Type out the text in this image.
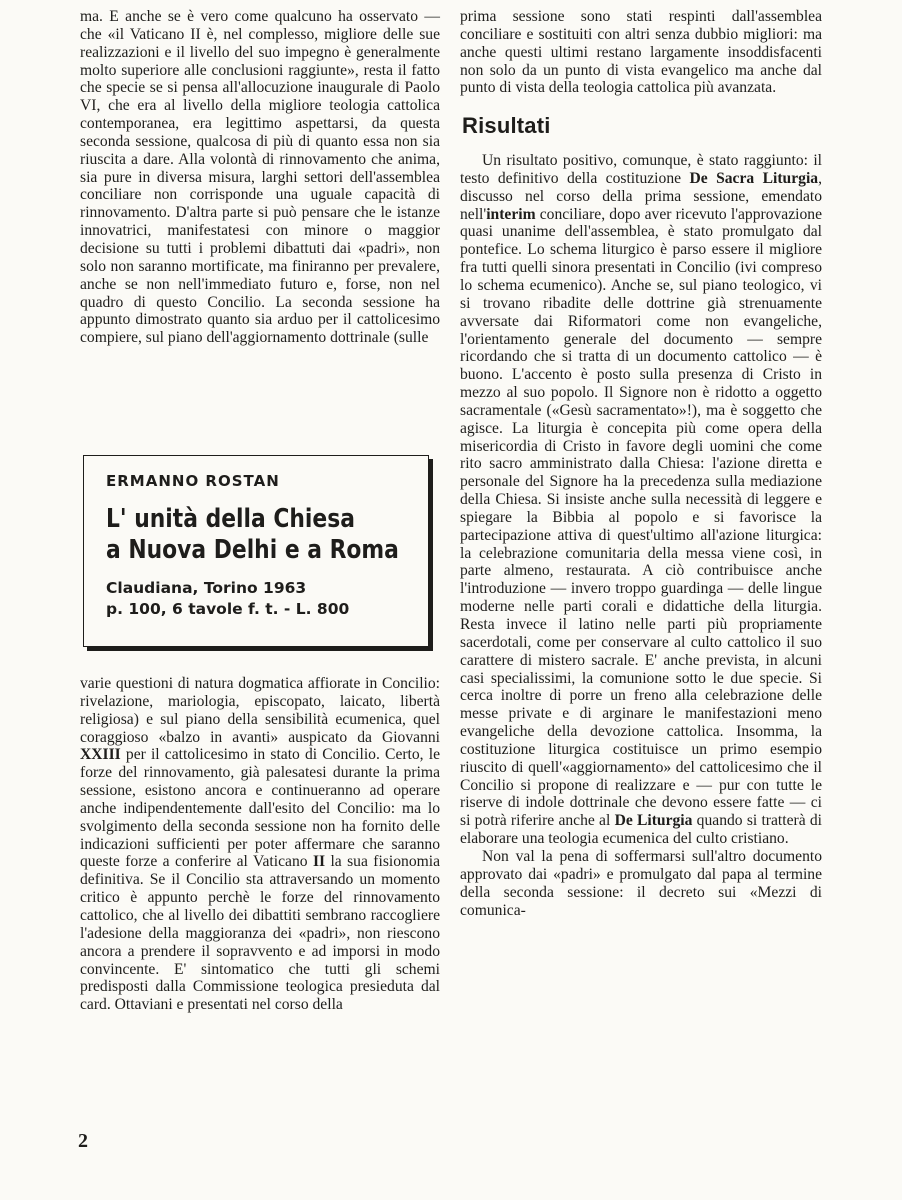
ma. E anche se è vero come qualcuno ha osservato — che «il Vaticano II è, nel complesso, migliore delle sue realizzazioni e il livello del suo impegno è generalmente molto superiore alle conclusioni raggiunte», resta il fatto che specie se si pensa all'allocuzione inaugurale di Paolo VI, che era al livello della migliore teologia cattolica contemporanea, era legittimo aspettarsi, da questa seconda sessione, qualcosa di più di quanto essa non sia riuscita a dare. Alla volontà di rinnovamento che anima, sia pure in diversa misura, larghi settori dell'assemblea conciliare non corrisponde una uguale capacità di rinnovamento. D'altra parte si può pensare che le istanze innovatrici, manifestatesi con minore o maggior decisione su tutti i problemi dibattuti dai «padri», non solo non saranno mortificate, ma finiranno per prevalere, anche se non nell'immediato futuro e, forse, non nel quadro di questo Concilio. La seconda sessione ha appunto dimostrato quanto sia arduo per il cattolicesimo compiere, sul piano dell'aggiornamento dottrinale (sulle

ERMANNO ROSTAN

L' unità della Chiesa

a Nuova Delhi e a Roma

Claudiana, Torino 1963

p. 100, 6 tavole f. t. - L. 800

varie questioni di natura dogmatica affiorate in Concilio: rivelazione, mariologia, episcopato, laicato, libertà religiosa) e sul piano della sensibilità ecumenica, quel coraggioso «balzo in avanti» auspicato da Giovanni XXIII per il cattolicesimo in stato di Concilio. Certo, le forze del rinnovamento, già palesatesi durante la prima sessione, esistono ancora e continueranno ad operare anche indipendentemente dall'esito del Concilio: ma lo svolgimento della seconda sessione non ha fornito delle indicazioni sufficienti per poter affermare che saranno queste forze a conferire al Vaticano II la sua fisionomia definitiva. Se il Concilio sta attraversando un momento critico è appunto perchè le forze del rinnovamento cattolico, che al livello dei dibattiti sembrano raccogliere l'adesione della maggioranza dei «padri», non riescono ancora a prendere il sopravvento e ad imporsi in modo convincente. E' sintomatico che tutti gli schemi predisposti dalla Commissione teologica presieduta dal card. Ottaviani e presentati nel corso della

prima sessione sono stati respinti dall'assemblea conciliare e sostituiti con altri senza dubbio migliori: ma anche questi ultimi restano largamente insoddisfacenti non solo da un punto di vista evangelico ma anche dal punto di vista della teologia cattolica più avanzata.

Risultati

Un risultato positivo, comunque, è stato raggiunto: il testo definitivo della costituzione De Sacra Liturgia, discusso nel corso della prima sessione, emendato nell'interim conciliare, dopo aver ricevuto l'approvazione quasi unanime dell'assemblea, è stato promulgato dal pontefice. Lo schema liturgico è parso essere il migliore fra tutti quelli sinora presentati in Concilio (ivi compreso lo schema ecumenico). Anche se, sul piano teologico, vi si trovano ribadite delle dottrine già strenuamente avversate dai Riformatori come non evangeliche, l'orientamento generale del documento — sempre ricordando che si tratta di un documento cattolico — è buono. L'accento è posto sulla presenza di Cristo in mezzo al suo popolo. Il Signore non è ridotto a oggetto sacramentale («Gesù sacramentato»!), ma è soggetto che agisce. La liturgia è concepita più come opera della misericordia di Cristo in favore degli uomini che come rito sacro amministrato dalla Chiesa: l'azione diretta e personale del Signore ha la precedenza sulla mediazione della Chiesa. Si insiste anche sulla necessità di leggere e spiegare la Bibbia al popolo e si favorisce la partecipazione attiva di quest'ultimo all'azione liturgica: la celebrazione comunitaria della messa viene così, in parte almeno, restaurata. A ciò contribuisce anche l'introduzione — invero troppo guardinga — delle lingue moderne nelle parti corali e didattiche della liturgia. Resta invece il latino nelle parti più propriamente sacerdotali, come per conservare al culto cattolico il suo carattere di mistero sacrale. E' anche prevista, in alcuni casi specialissimi, la comunione sotto le due specie. Si cerca inoltre di porre un freno alla celebrazione delle messe private e di arginare le manifestazioni meno evangeliche della devozione cattolica. Insomma, la costituzione liturgica costituisce un primo esempio riuscito di quell'«aggiornamento» del cattolicesimo che il Concilio si propone di realizzare e — pur con tutte le riserve di indole dottrinale che devono essere fatte — ci si potrà riferire anche al De Liturgia quando si tratterà di elaborare una teologia ecumenica del culto cristiano.

Non val la pena di soffermarsi sull'altro documento approvato dai «padri» e promulgato dal papa al termine della seconda sessione: il decreto sui «Mezzi di comunica-

2
